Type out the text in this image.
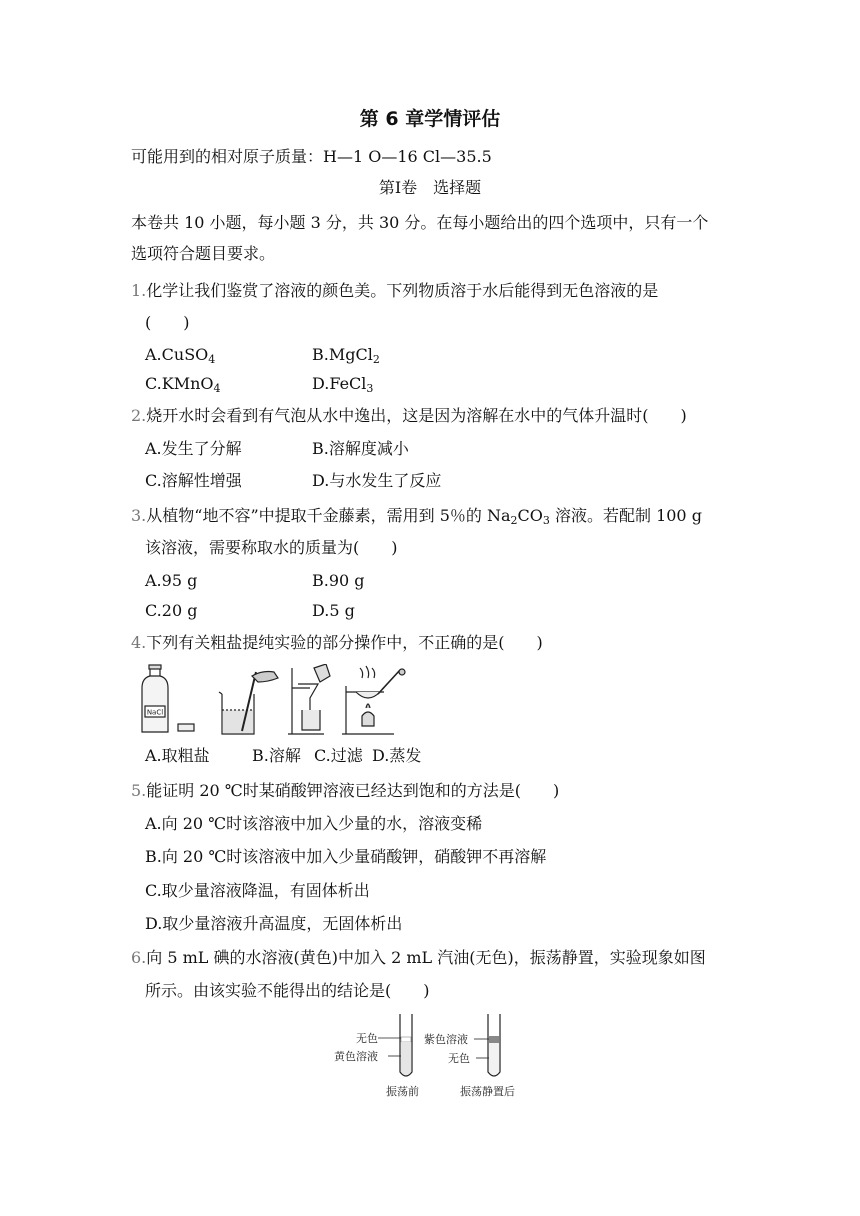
第 6 章学情评估
可能用到的相对原子质量：H—1 O—16 Cl—35.5
第Ⅰ卷　选择题
本卷共 10 小题，每小题 3 分，共 30 分。在每小题给出的四个选项中，只有一个
选项符合题目要求。
1.化学让我们鉴赏了溶液的颜色美。下列物质溶于水后能得到无色溶液的是
(　　)
A.CuSO$_4$	B.MgCl$_2$
C.KMnO$_4$	D.FeCl$_3$
2.烧开水时会看到有气泡从水中逸出，这是因为溶解在水中的气体升温时(　　)
A.发生了分解	B.溶解度减小
C.溶解性增强	D.与水发生了反应
3.从植物“地不容”中提取千金藤素，需用到 5％的 $Na_2CO_3$ 溶液。若配制 100 g
该溶液，需要称取水的质量为(　　)
A.95 g	B.90 g
C.20 g	D.5 g
4.下列有关粗盐提纯实验的部分操作中，不正确的是(　　)
NaCl
A.取粗盐	B.溶解 C.过滤 D.蒸发
5.能证明 20 ℃时某硝酸钾溶液已经达到饱和的方法是(　　)
A.向 20 ℃时该溶液中加入少量的水，溶液变稀
B.向 20 ℃时该溶液中加入少量硝酸钾，硝酸钾不再溶解
C.取少量溶液降温，有固体析出
D.取少量溶液升高温度，无固体析出
6.向 5 mL 碘的水溶液(黄色)中加入 2 mL 汽油(无色)，振荡静置，实验现象如图
所示。由该实验不能得出的结论是(　　)
无色
黄色溶液
振荡前
紫色溶液
无色
振荡静置后
